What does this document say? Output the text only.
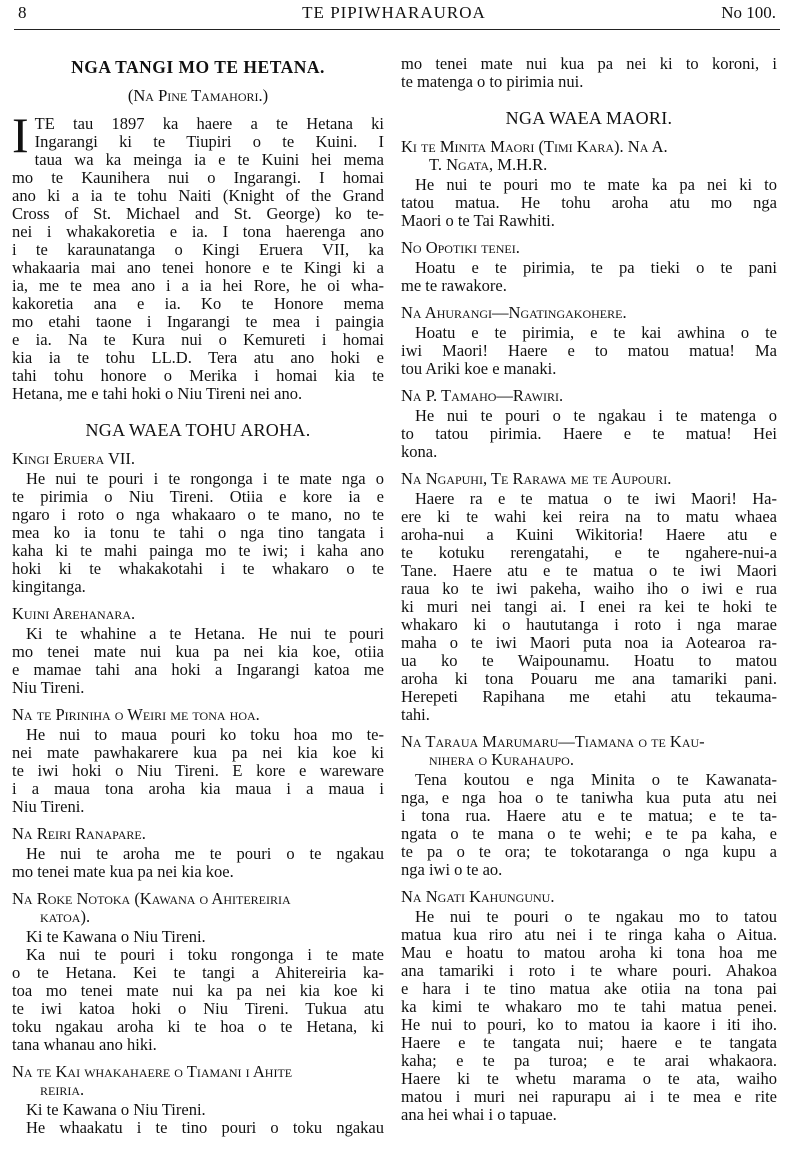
8	TE PIPIWHARAUROA	No 100.
NGA TANGI MO TE HETANA.
(Na Pine Tamahori.)
I TE tau 1897 ka haere a te Hetana ki
Ingarangi ki te Tiupiri o te Kuini. I
taua wa ka meinga ia e te Kuini hei mema
mo te Kaunihera nui o Ingarangi. I homai
ano ki a ia te tohu Naiti (Knight of the Grand
Cross of St. Michael and St. George) ko te-
nei i whakakoretia e ia. I tona haerenga ano
i te karaunatanga o Kingi Eruera VII, ka
whakaaria mai ano tenei honore e te Kingi ki a
ia, me te mea ano i a ia hei Rore, he oi wha-
kakoretia ana e ia. Ko te Honore mema
mo etahi taone i Ingarangi te mea i paingia
e ia. Na te Kura nui o Kemureti i homai
kia ia te tohu LL.D. Tera atu ano hoki e
tahi tohu honore o Merika i homai kia te
Hetana, me e tahi hoki o Niu Tireni nei ano.
NGA WAEA TOHU AROHA.
Kingi Eruera VII.
He nui te pouri i te rongonga i te mate nga o
te pirimia o Niu Tireni. Otiia e kore ia e
ngaro i roto o nga whakaaro o te mano, no te
mea ko ia tonu te tahi o nga tino tangata i
kaha ki te mahi painga mo te iwi; i kaha ano
hoki ki te whakakotahi i te whakaro o te
kingitanga.
Kuini Arehanara.
Ki te whahine a te Hetana. He nui te pouri
mo tenei mate nui kua pa nei kia koe, otiia
e mamae tahi ana hoki a Ingarangi katoa me
Niu Tireni.
Na te Piriniha o Weiri me tona hoa.
He nui to maua pouri ko toku hoa mo te-
nei mate pawhakarere kua pa nei kia koe ki
te iwi hoki o Niu Tireni. E kore e wareware
i a maua tona aroha kia maua i a maua i
Niu Tireni.
Na Reiri Ranapare.
He nui te aroha me te pouri o te ngakau
mo tenei mate kua pa nei kia koe.
Na Roke Notoka (Kawana o Ahitereiria
katoa).
Ki te Kawana o Niu Tireni.
Ka nui te pouri i toku rongonga i te mate
o te Hetana. Kei te tangi a Ahitereiria ka-
toa mo tenei mate nui ka pa nei kia koe ki
te iwi katoa hoki o Niu Tireni. Tukua atu
toku ngakau aroha ki te hoa o te Hetana, ki
tana whanau ano hiki.
Na te Kai whakahaere o Tiamani i Ahite
reiria.
Ki te Kawana o Niu Tireni.
He whaakatu i te tino pouri o toku ngakau
mo tenei mate nui kua pa nei ki to koroni, i
te matenga o to pirimia nui.
NGA WAEA MAORI.
Ki te Minita Maori (Timi Kara). Na A.
T. Ngata, M.H.R.
He nui te pouri mo te mate ka pa nei ki to
tatou matua. He tohu aroha atu mo nga
Maori o te Tai Rawhiti.
No Opotiki tenei.
Hoatu e te pirimia, te pa tieki o te pani
me te rawakore.
Na Ahurangi—Ngatingakohere.
Hoatu e te pirimia, e te kai awhina o te
iwi Maori! Haere e to matou matua! Ma
tou Ariki koe e manaki.
Na P. Tamaho—Rawiri.
He nui te pouri o te ngakau i te matenga o
to tatou pirimia. Haere e te matua! Hei
kona.
Na Ngapuhi, Te Rarawa me te Aupouri.
Haere ra e te matua o te iwi Maori! Ha-
ere ki te wahi kei reira na to matu whaea
aroha-nui a Kuini Wikitoria! Haere atu e
te kotuku rerengatahi, e te ngahere-nui-a
Tane. Haere atu e te matua o te iwi Maori
raua ko te iwi pakeha, waiho iho o iwi e rua
ki muri nei tangi ai. I enei ra kei te hoki te
whakaro ki o haututanga i roto i nga marae
maha o te iwi Maori puta noa ia Aotearoa ra-
ua ko te Waipounamu. Hoatu to matou
aroha ki tona Pouaru me ana tamariki pani.
Herepeti Rapihana me etahi atu tekauma-
tahi.
Na Taraua Marumaru—Tiamana o te Kau-
nihera o Kurahaupo.
Tena koutou e nga Minita o te Kawanata-
nga, e nga hoa o te taniwha kua puta atu nei
i tona rua. Haere atu e te matua; e te ta-
ngata o te mana o te wehi; e te pa kaha, e
te pa o te ora; te tokotaranga o nga kupu a
nga iwi o te ao.
Na Ngati Kahungunu.
He nui te pouri o te ngakau mo to tatou
matua kua riro atu nei i te ringa kaha o Aitua.
Mau e hoatu to matou aroha ki tona hoa me
ana tamariki i roto i te whare pouri. Ahakoa
e hara i te tino matua ake otiia na tona pai
ka kimi te whakaro mo te tahi matua penei.
He nui to pouri, ko to matou ia kaore i iti iho.
Haere e te tangata nui; haere e te tangata
kaha; e te pa turoa; e te arai whakaora.
Haere ki te whetu marama o te ata, waiho
matou i muri nei rapurapu ai i te mea e rite
ana hei whai i o tapuae.
